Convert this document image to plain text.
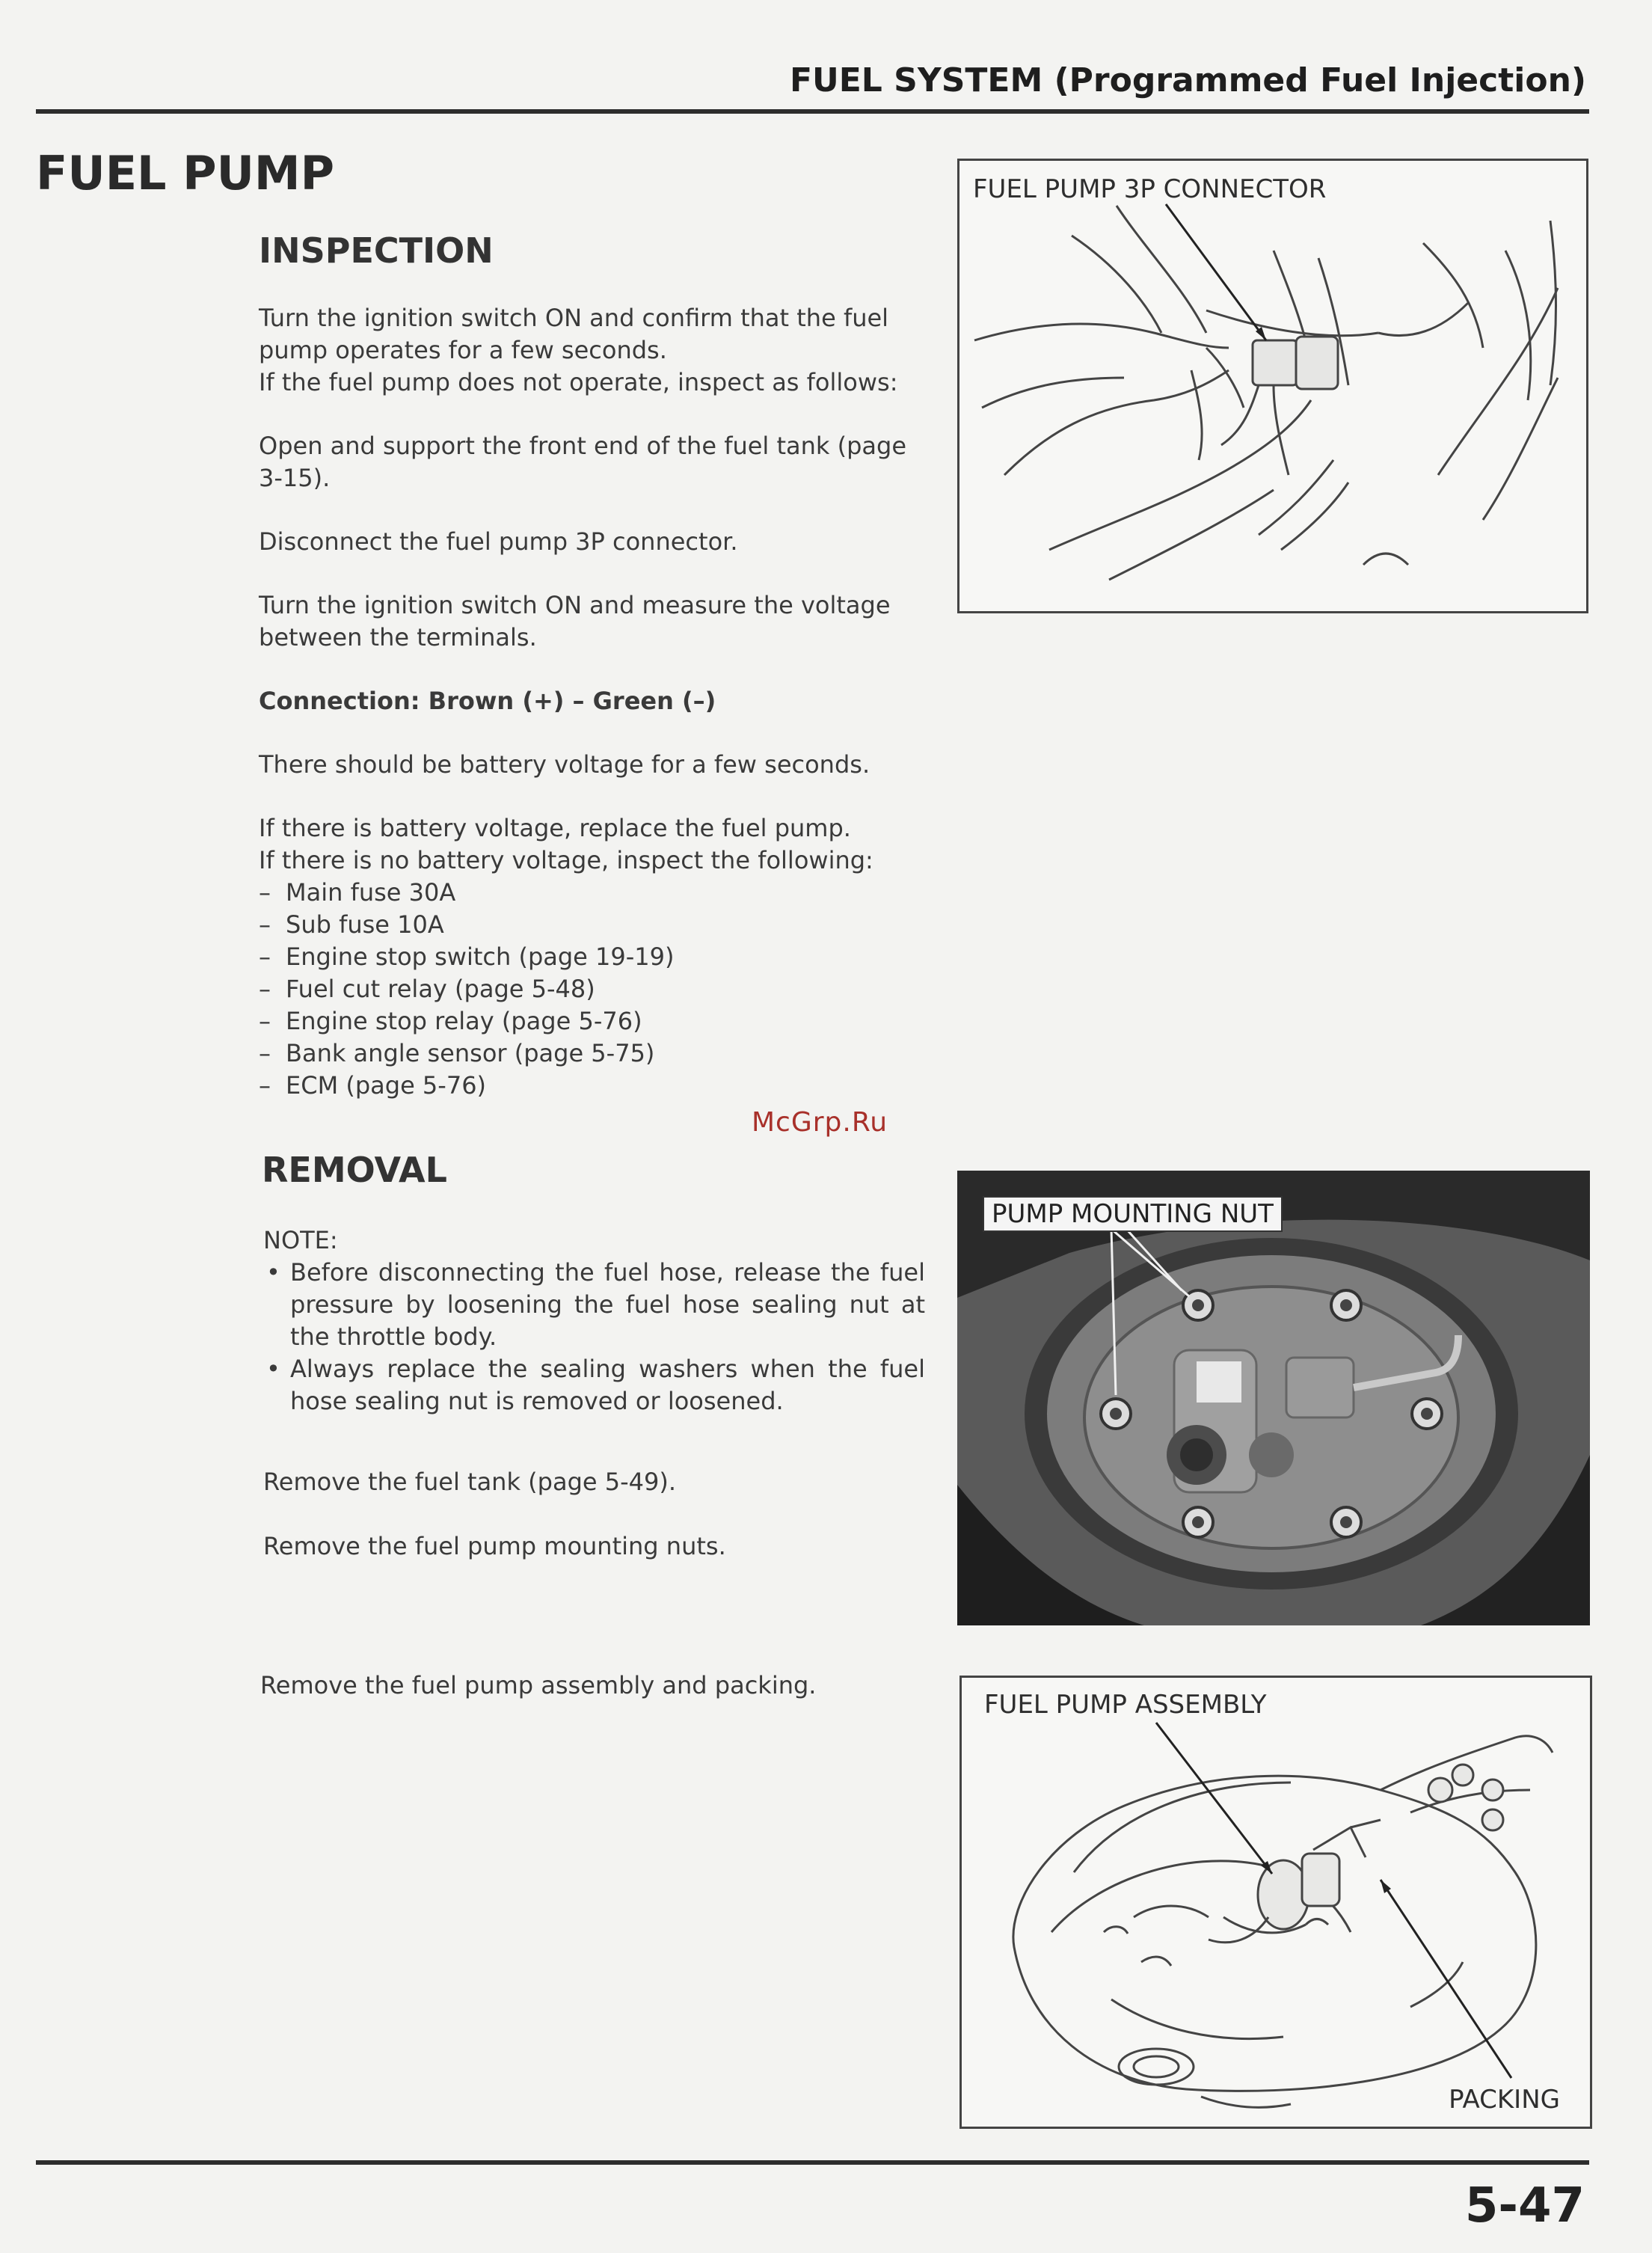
FUEL SYSTEM (Programmed Fuel Injection)
FUEL PUMP
INSPECTION
Turn the ignition switch ON and confirm that the fuel pump operates for a few seconds.
If the fuel pump does not operate, inspect as follows:
Open and support the front end of the fuel tank (page 3-15).
Disconnect the fuel pump 3P connector.
Turn the ignition switch ON and measure the voltage between the terminals.
Connection: Brown (+) – Green (–)
There should be battery voltage for a few seconds.
If there is battery voltage, replace the fuel pump.
If there is no battery voltage, inspect the following:
– Main fuse 30A
– Sub fuse 10A
– Engine stop switch (page 19-19)
– Fuel cut relay (page 5-48)
– Engine stop relay (page 5-76)
– Bank angle sensor (page 5-75)
– ECM (page 5-76)
McGrp.Ru
REMOVAL
NOTE:
• Before disconnecting the fuel hose, release the fuel pressure by loosening the fuel hose sealing nut at the throttle body.
• Always replace the sealing washers when the fuel hose sealing nut is removed or loosened.
Remove the fuel tank (page 5-49).
Remove the fuel pump mounting nuts.
Remove the fuel pump assembly and packing.
FUEL PUMP 3P CONNECTOR
PUMP MOUNTING NUT
FUEL PUMP ASSEMBLY
PACKING
5-47
